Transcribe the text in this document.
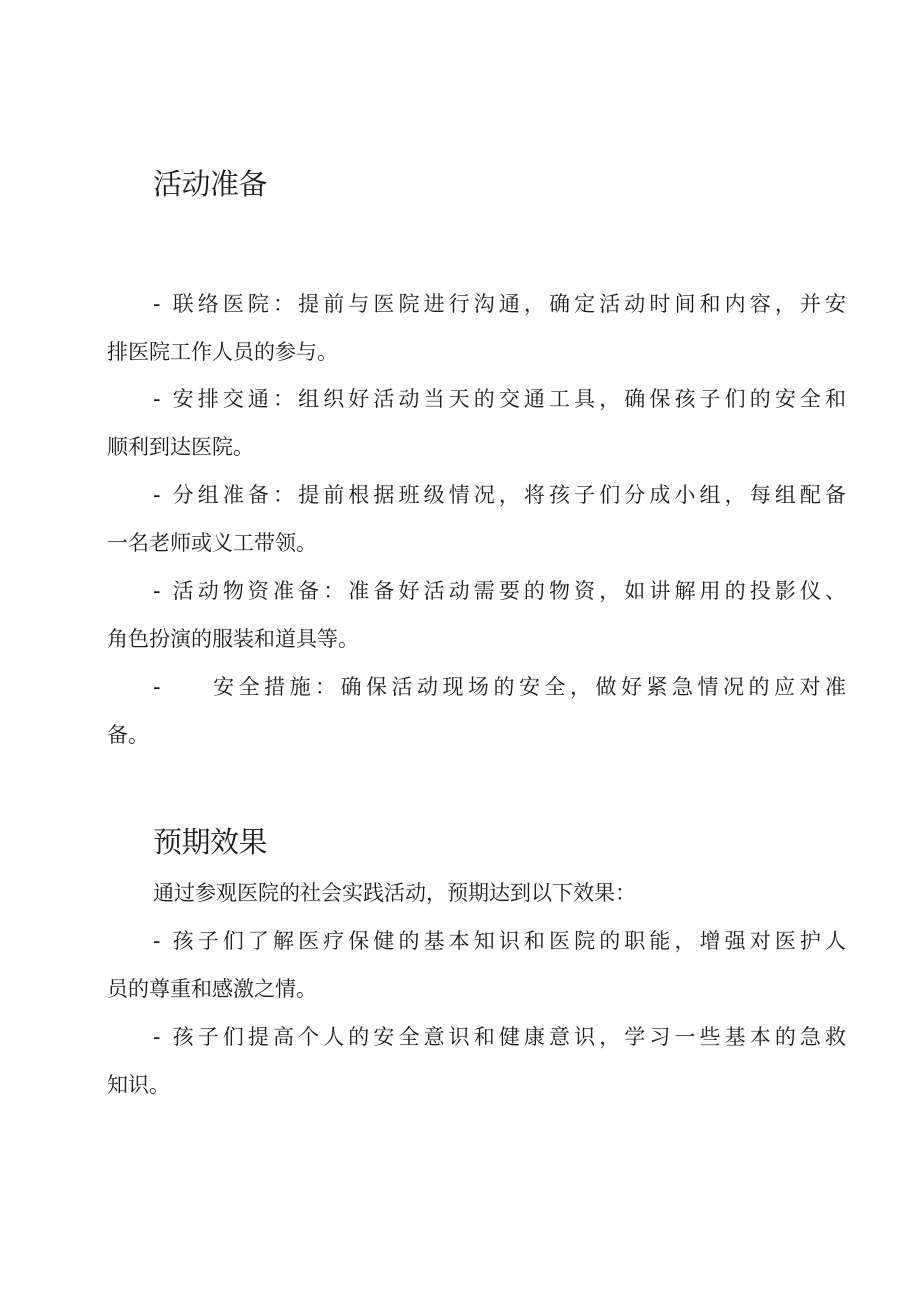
活动准备

- 联络医院：提前与医院进行沟通，确定活动时间和内容，并安
排医院工作人员的参与。

- 安排交通：组织好活动当天的交通工具，确保孩子们的安全和
顺利到达医院。

- 分组准备：提前根据班级情况，将孩子们分成小组，每组配备
一名老师或义工带领。

- 活动物资准备：准备好活动需要的物资，如讲解用的投影仪、
角色扮演的服装和道具等。

- 安全措施：确保活动现场的安全，做好紧急情况的应对准
备。

预期效果

通过参观医院的社会实践活动，预期达到以下效果：

- 孩子们了解医疗保健的基本知识和医院的职能，增强对医护人
员的尊重和感激之情。

- 孩子们提高个人的安全意识和健康意识，学习一些基本的急救
知识。
